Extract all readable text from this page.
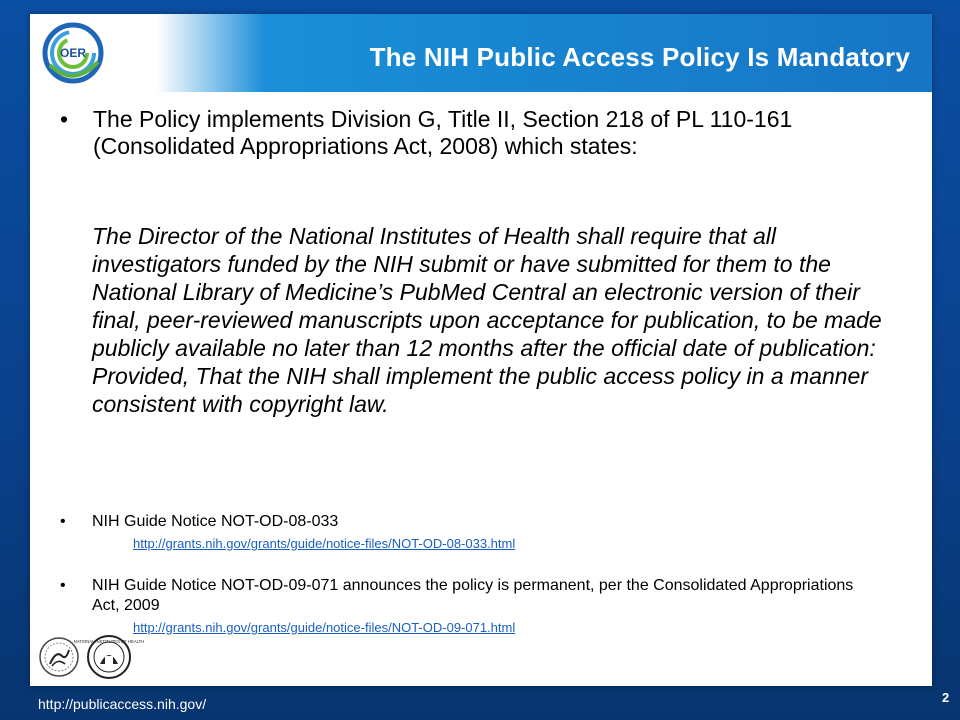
OER	The NIH Public Access Policy Is Mandatory
• The Policy implements Division G, Title II, Section 218 of PL 110-161 (Consolidated Appropriations Act, 2008) which states:
The Director of the National Institutes of Health shall require that all investigators funded by the NIH submit or have submitted for them to the National Library of Medicine’s PubMed Central an electronic version of their final, peer-reviewed manuscripts upon acceptance for publication, to be made publicly available no later than 12 months after the official date of publication: Provided, That the NIH shall implement the public access policy in a manner consistent with copyright law.
• NIH Guide Notice NOT-OD-08-033
http://grants.nih.gov/grants/guide/notice-files/NOT-OD-08-033.html
• NIH Guide Notice NOT-OD-09-071 announces the policy is permanent, per the Consolidated Appropriations Act, 2009
http://grants.nih.gov/grants/guide/notice-files/NOT-OD-09-071.html
NATIONAL INSTITUTES OF HEALTH
http://publicaccess.nih.gov/	2
